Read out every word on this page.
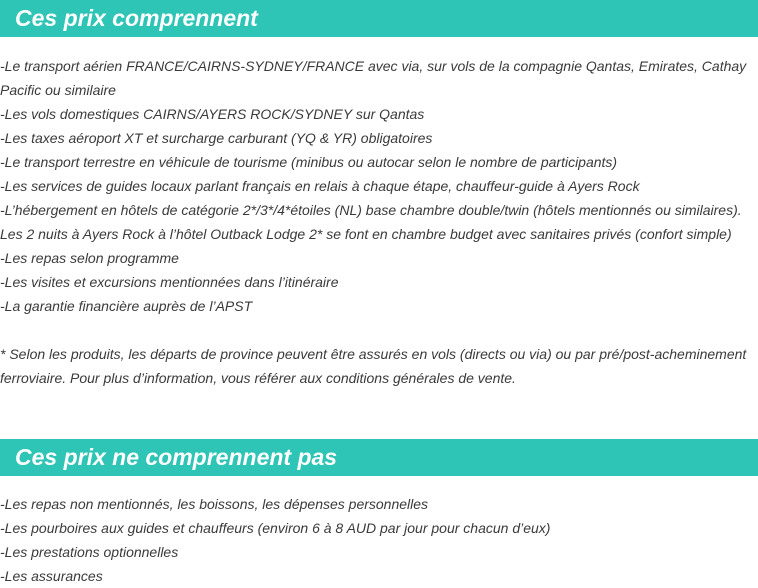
Ces prix comprennent
-Le transport aérien FRANCE/CAIRNS-SYDNEY/FRANCE avec via, sur vols de la compagnie Qantas, Emirates, Cathay
Pacific ou similaire
-Les vols domestiques CAIRNS/AYERS ROCK/SYDNEY sur Qantas
-Les taxes aéroport XT et surcharge carburant (YQ & YR) obligatoires
-Le transport terrestre en véhicule de tourisme (minibus ou autocar selon le nombre de participants)
-Les services de guides locaux parlant français en relais à chaque étape, chauffeur-guide à Ayers Rock
-L’hébergement en hôtels de catégorie 2*/3*/4*étoiles (NL) base chambre double/twin (hôtels mentionnés ou similaires).
Les 2 nuits à Ayers Rock à l’hôtel Outback Lodge 2* se font en chambre budget avec sanitaires privés (confort simple)
-Les repas selon programme
-Les visites et excursions mentionnées dans l’itinéraire
-La garantie financière auprès de l’APST
* Selon les produits, les départs de province peuvent être assurés en vols (directs ou via) ou par pré/post-acheminement
ferroviaire. Pour plus d’information, vous référer aux conditions générales de vente.
Ces prix ne comprennent pas
-Les repas non mentionnés, les boissons, les dépenses personnelles
-Les pourboires aux guides et chauffeurs (environ 6 à 8 AUD par jour pour chacun d’eux)
-Les prestations optionnelles
-Les assurances
